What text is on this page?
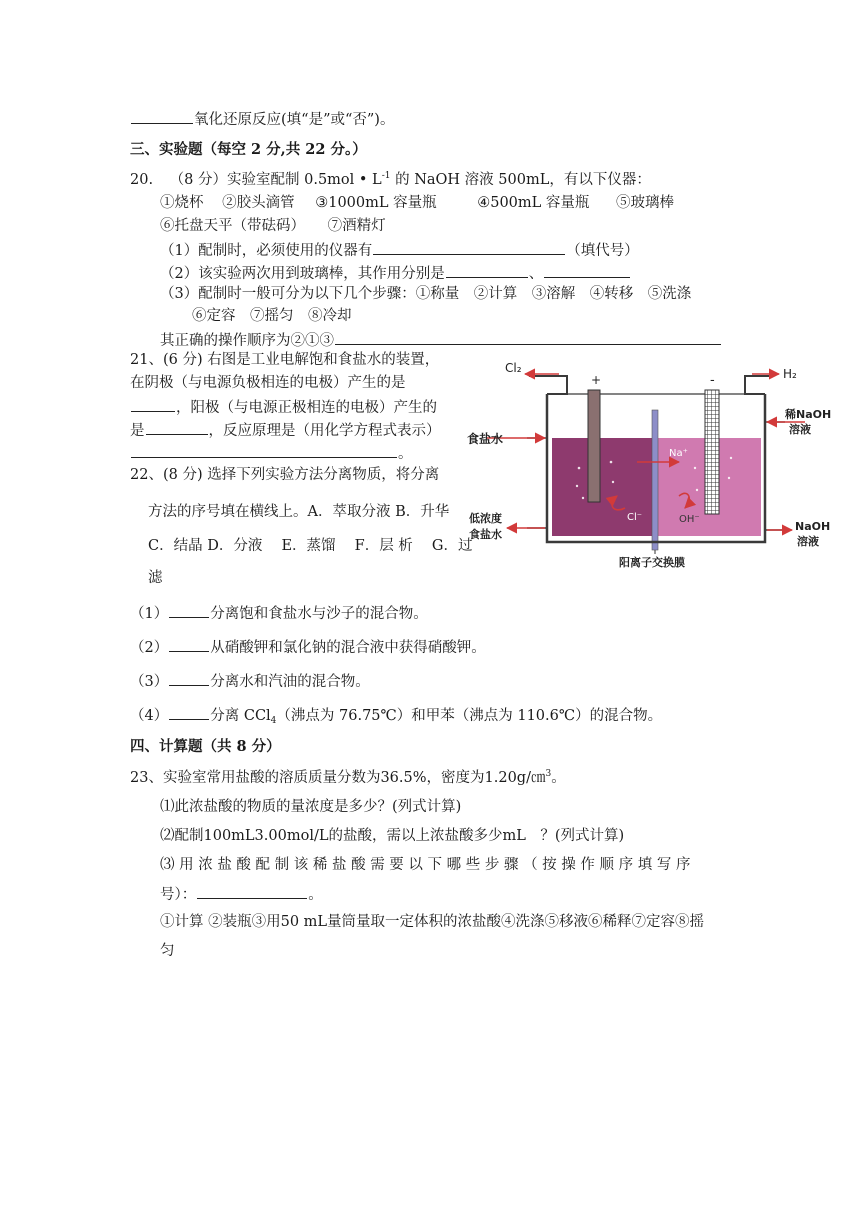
氧化还原反应(填“是”或“否”)。
三、实验题（每空 2 分,共 22 分。）
20. （8 分）实验室配制 0.5mol • $L^{-1}$ 的 NaOH 溶液 500mL，有以下仪器：
①烧杯 ②胶头滴管 ③1000mL 容量瓶	④500mL 容量瓶 ⑤玻璃棒
⑥托盘天平（带砝码） ⑦酒精灯
（1）配制时，必须使用的仪器有	（填代号）
（2）该实验两次用到玻璃棒，其作用分别是	、
（3）配制时一般可分为以下几个步骤：①称量　②计算　③溶解　④转移　⑤洗涤
⑥定容　⑦摇匀　⑧冷却
其正确的操作顺序为②①③
21、(6 分) 右图是工业电解饱和食盐水的装置，
在阴极（与电源负极相连的电极）产生的是
，阳极（与电源正极相连的电极）产生的
是	，反应原理是（用化学方程式表示）
。
22、(8 分) 选择下列实验方法分离物质，将分离
方法的序号填在横线上。A．萃取分液 B．升华
C．结晶 D．分液　 E．蒸馏　 F．层 析　 G．过
滤
（1）	分离饱和食盐水与沙子的混合物。
（2）	从硝酸钾和氯化钠的混合液中获得硝酸钾。
（3）	分离水和汽油的混合物。
（4）	分离 CCl$_4$（沸点为 76.75℃）和甲苯（沸点为 110.6℃）的混合物。
四、计算题（共 8 分）
23、实验室常用盐酸的溶质质量分数为36.5%，密度为1.20g/㎝$^3$。
⑴此浓盐酸的物质的量浓度是多少？(列式计算)
⑵配制100mL3.00mol/L的盐酸，需以上浓盐酸多少mL　？(列式计算)
⑶ 用 浓 盐 酸 配 制 该 稀 盐 酸 需 要 以 下 哪 些 步 骤 （ 按 操 作 顺 序 填 写 序
号）：	。
①计算 ②装瓶③用50 mL量筒量取一定体积的浓盐酸④洗涤⑤移液⑥稀释⑦定容⑧摇
匀
Cl₂	H₂
+	-
食盐水
稀NaOH
溶液
Na⁺
Cl⁻	OH⁻
低浓度
食盐水
NaOH
溶液
阳离子交换膜
